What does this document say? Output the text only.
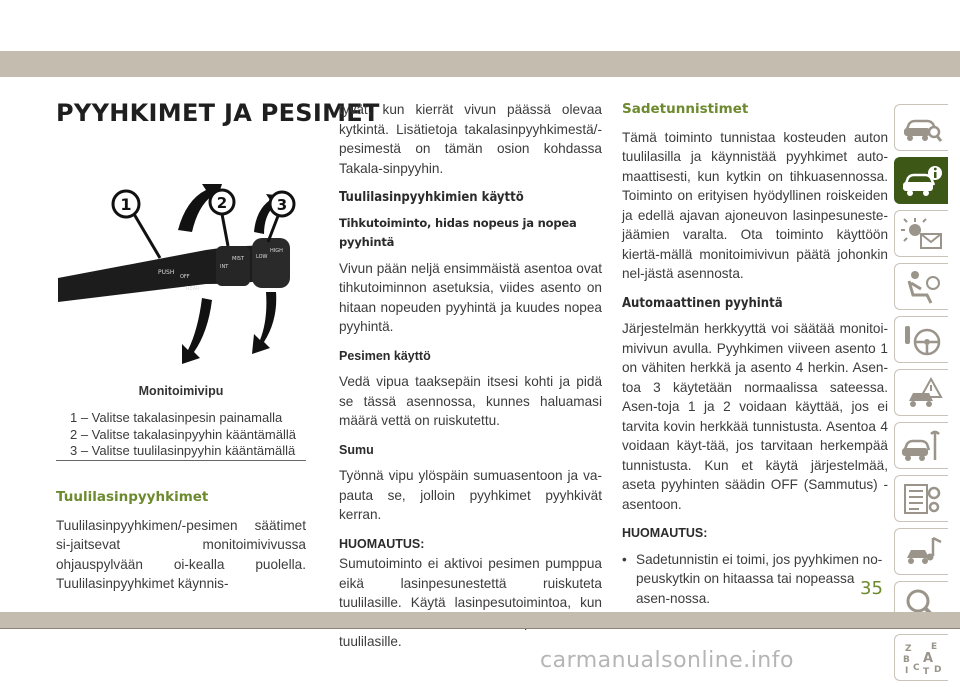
PYYHKIMET JA PESIMET
1	2	3
PUSH
OFF
MIST
INT
LOW
HIGH
REAR
Monitoimivipu
1 – Valitse takalasinpesin painamalla
2 – Valitse takalasinpyyhin kääntämällä
3 – Valitse tuulilasinpyyhin kääntämällä
Tuulilasinpyyhkimet

Tuulilasinpyyhkimen/-pesimen säätimet si-jaitsevat monitoimivivussa ohjauspylvään oi-kealla puolella. Tuulilasinpyyhkimet käynnis-

tyvät, kun kierrät vivun päässä olevaa kytkintä. Lisätietoja takalasinpyyhkimestä/-pesimestä on tämän osion kohdassa Takala-sinpyyhin.

Tuulilasinpyyhkimien käyttö
Tihkutoiminto, hidas nopeus ja nopea pyyhintä

Vivun pään neljä ensimmäistä asentoa ovat tihkutoiminnon asetuksia, viides asento on hitaan nopeuden pyyhintä ja kuudes nopea pyyhintä.

Pesimen käyttö

Vedä vipua taaksepäin itsesi kohti ja pidä se tässä asennossa, kunnes haluamasi määrä vettä on ruiskutettu.

Sumu

Työnnä vipu ylöspäin sumuasentoon ja va-pauta se, jolloin pyyhkimet pyyhkivät kerran.

HUOMAUTUS:

Sumutoiminto ei aktivoi pesimen pumppua eikä lasinpesunestettä ruiskuteta tuulilasille. Käytä lasinpesutoimintoa, kun tuulilasille.

Sadetunnistimet

Tämä toiminto tunnistaa kosteuden auton tuulilasilla ja käynnistää pyyhkimet auto-maattisesti, kun kytkin on tihkuasennossa. Toiminto on erityisen hyödyllinen roiskeiden ja edellä ajavan ajoneuvon lasinpesuneste-jäämien varalta. Ota toiminto käyttöön kiertä-mällä monitoimivivun päätä johonkin nel-jästä asennosta.

Automaattinen pyyhintä

Järjestelmän herkkyyttä voi säätää monitoi-mivivun avulla. Pyyhkimen viiveen asento 1 on vähiten herkkä ja asento 4 herkin. Asen-toa 3 käytetään normaalissa sateessa. Asen-toja 1 ja 2 voidaan käyttää, jos ei tarvita kovin herkkää tunnistusta. Asentoa 4 voidaan käyt-tää, jos tarvitaan herkempää tunnistusta. Kun et käytä järjestelmää, aseta pyyhinten säädin OFF (Sammutus) -asentoon.

HUOMAUTUS:
• Sadetunnistin ei toimi, jos pyyhkimen no-peuskytkin on hitaassa tai nopeassa asen-nossa.
Z E
B A
I C T D
35
carmanualsonline.info
